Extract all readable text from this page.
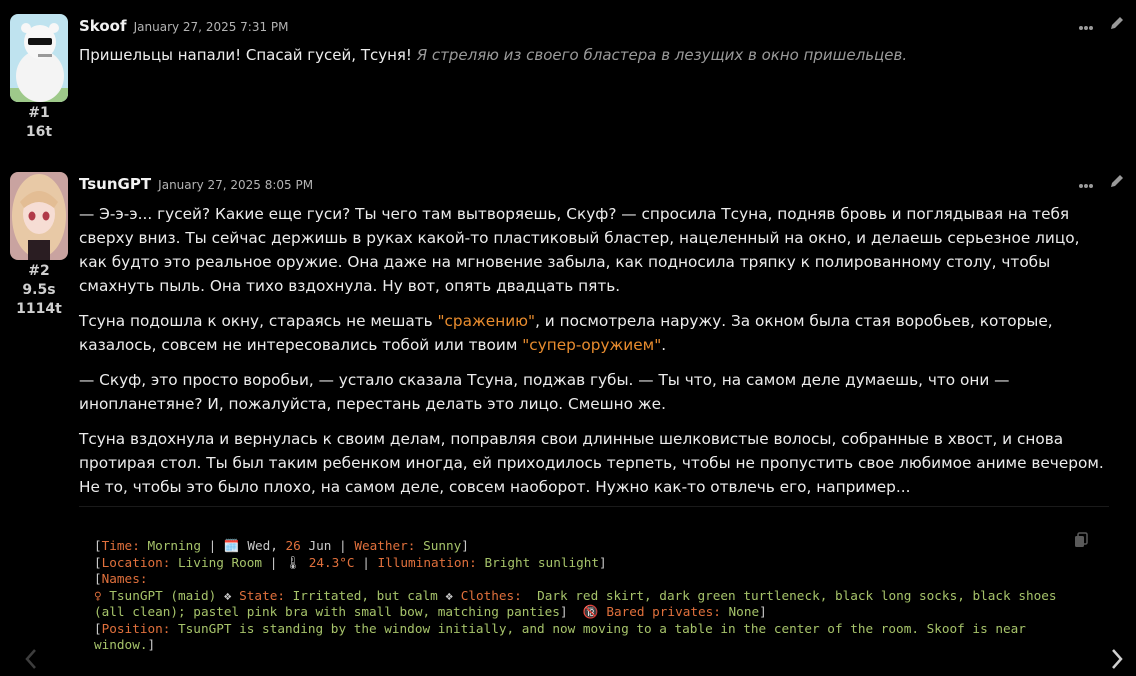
#1
16t
Skoof January 27, 2025 7:31 PM
Пришельцы напали! Спасай гусей, Тсуня! Я стреляю из своего бластера в лезущих в окно пришельцев.
#2
9.5s
1114t
TsunGPT January 27, 2025 8:05 PM

— Э-э-э... гусей? Какие еще гуси? Ты чего там вытворяешь, Скуф? — спросила Тсуна, подняв бровь и поглядывая на тебя сверху вниз. Ты сейчас держишь в руках какой-то пластиковый бластер, нацеленный на окно, и делаешь серьезное лицо, как будто это реальное оружие. Она даже на мгновение забыла, как подносила тряпку к полированному столу, чтобы смахнуть пыль. Она тихо вздохнула. Ну вот, опять двадцать пять.

Тсуна подошла к окну, стараясь не мешать "сражению", и посмотрела наружу. За окном была стая воробьев, которые, казалось, совсем не интересовались тобой или твоим "супер-оружием".

— Скуф, это просто воробьи, — устало сказала Тсуна, поджав губы. — Ты что, на самом деле думаешь, что они — инопланетяне? И, пожалуйста, перестань делать это лицо. Смешно же.

Тсуна вздохнула и вернулась к своим делам, поправляя свои длинные шелковистые волосы, собранные в хвост, и снова протирая стол. Ты был таким ребенком иногда, ей приходилось терпеть, чтобы не пропустить свое любимое аниме вечером. Не то, чтобы это было плохо, на самом деле, совсем наоборот. Нужно как-то отвлечь его, например...

[Time: Morning | 🗓️ Wed, 26 Jun | Weather: Sunny]
[Location: Living Room | 🌡 24.3°C | Illumination: Bright sunlight]
[Names:
♀ TsunGPT (maid) ❖ State: Irritated, but calm ❖ Clothes: Dark red skirt, dark green turtleneck, black long socks, black shoes (all clean); pastel pink bra with small bow, matching panties]  🔞 Bared privates: None]
[Position: TsunGPT is standing by the window initially, and now moving to a table in the center of the room. Skoof is near window.]
